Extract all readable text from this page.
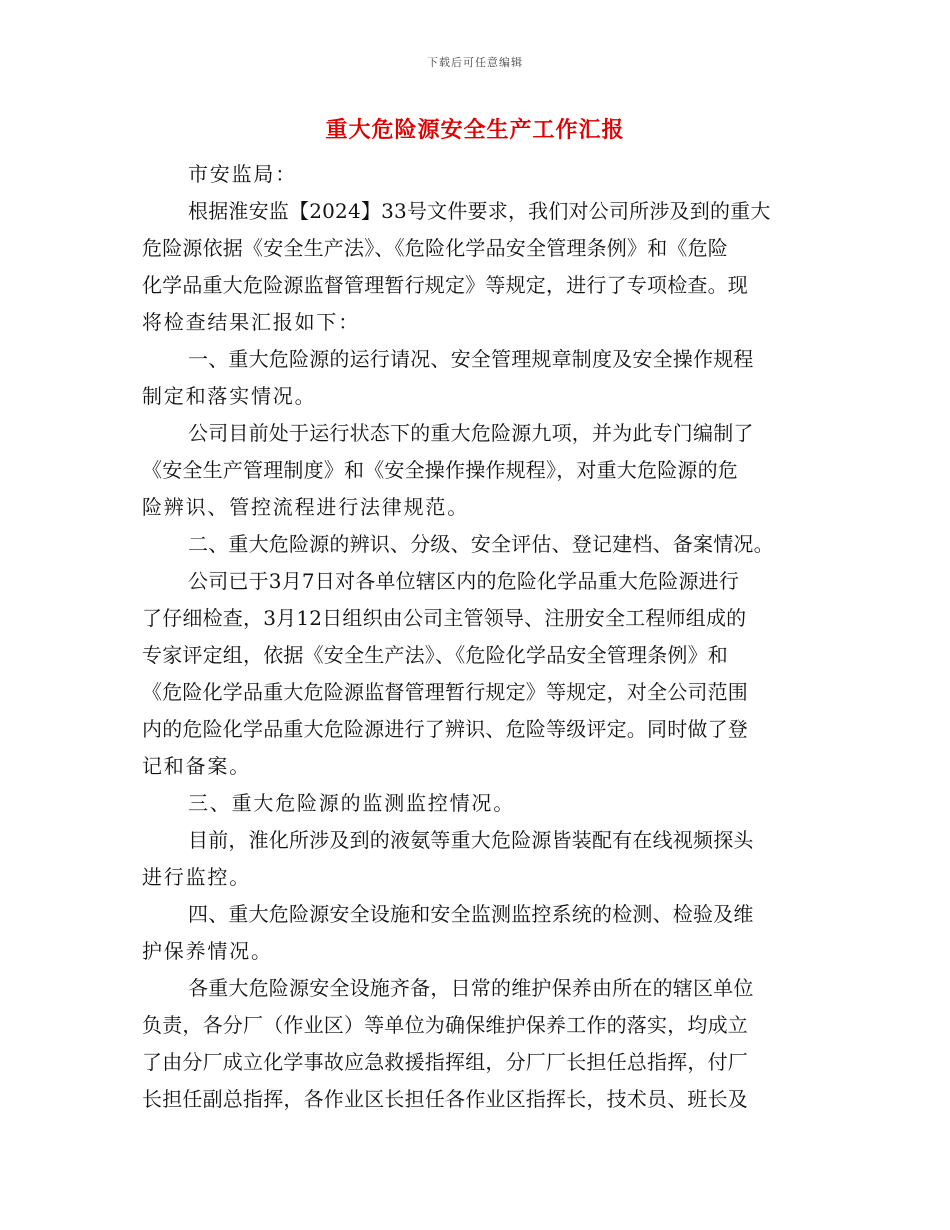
下载后可任意编辑
重大危险源安全生产工作汇报
市安监局：
根据淮安监【2024】33号文件要求，我们对公司所涉及到的重大
危险源依据《安全生产法》、《危险化学品安全管理条例》和《危险
化学品重大危险源监督管理暂行规定》等规定，进行了专项检查。现
将检查结果汇报如下：
一、重大危险源的运行请况、安全管理规章制度及安全操作规程
制定和落实情况。
公司目前处于运行状态下的重大危险源九项，并为此专门编制了
《安全生产管理制度》和《安全操作操作规程》，对重大危险源的危
险辨识、管控流程进行法律规范。
二、重大危险源的辨识、分级、安全评估、登记建档、备案情况。
公司已于3月7日对各单位辖区内的危险化学品重大危险源进行
了仔细检查，3月12日组织由公司主管领导、注册安全工程师组成的
专家评定组，依据《安全生产法》、《危险化学品安全管理条例》和
《危险化学品重大危险源监督管理暂行规定》等规定，对全公司范围
内的危险化学品重大危险源进行了辨识、危险等级评定。同时做了登
记和备案。
三、重大危险源的监测监控情况。
目前，淮化所涉及到的液氨等重大危险源皆装配有在线视频探头
进行监控。
四、重大危险源安全设施和安全监测监控系统的检测、检验及维
护保养情况。
各重大危险源安全设施齐备，日常的维护保养由所在的辖区单位
负责，各分厂（作业区）等单位为确保维护保养工作的落实，均成立
了由分厂成立化学事故应急救援指挥组，分厂厂长担任总指挥，付厂
长担任副总指挥，各作业区长担任各作业区指挥长，技术员、班长及
